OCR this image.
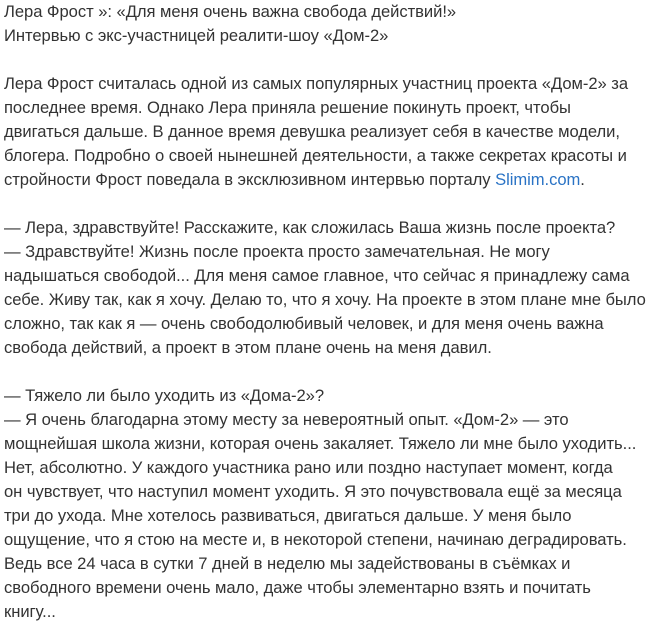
Лера Фрост »: «Для меня очень важна свобода действий!»
Интервью с экс-участницей реалити-шоу «Дом-2»
Лера Фрост считалась одной из самых популярных участниц проекта «Дом-2» за
последнее время. Однако Лера приняла решение покинуть проект, чтобы
двигаться дальше. В данное время девушка реализует себя в качестве модели,
блогера. Подробно о своей нынешней деятельности, а также секретах красоты и
стройности Фрост поведала в эксклюзивном интервью порталу Slimim.com.
— Лера, здравствуйте! Расскажите, как сложилась Ваша жизнь после проекта?
— Здравствуйте! Жизнь после проекта просто замечательная. Не могу
надышаться свободой... Для меня самое главное, что сейчас я принадлежу сама
себе. Живу так, как я хочу. Делаю то, что я хочу. На проекте в этом плане мне было
сложно, так как я — очень свободолюбивый человек, и для меня очень важна
свобода действий, а проект в этом плане очень на меня давил.
— Тяжело ли было уходить из «Дома-2»?
— Я очень благодарна этому месту за невероятный опыт. «Дом-2» — это
мощнейшая школа жизни, которая очень закаляет. Тяжело ли мне было уходить...
Нет, абсолютно. У каждого участника рано или поздно наступает момент, когда
он чувствует, что наступил момент уходить. Я это почувствовала ещё за месяца
три до ухода. Мне хотелось развиваться, двигаться дальше. У меня было
ощущение, что я стою на месте и, в некоторой степени, начинаю деградировать.
Ведь все 24 часа в сутки 7 дней в неделю мы задействованы в съёмках и
свободного времени очень мало, даже чтобы элементарно взять и почитать
книгу...
